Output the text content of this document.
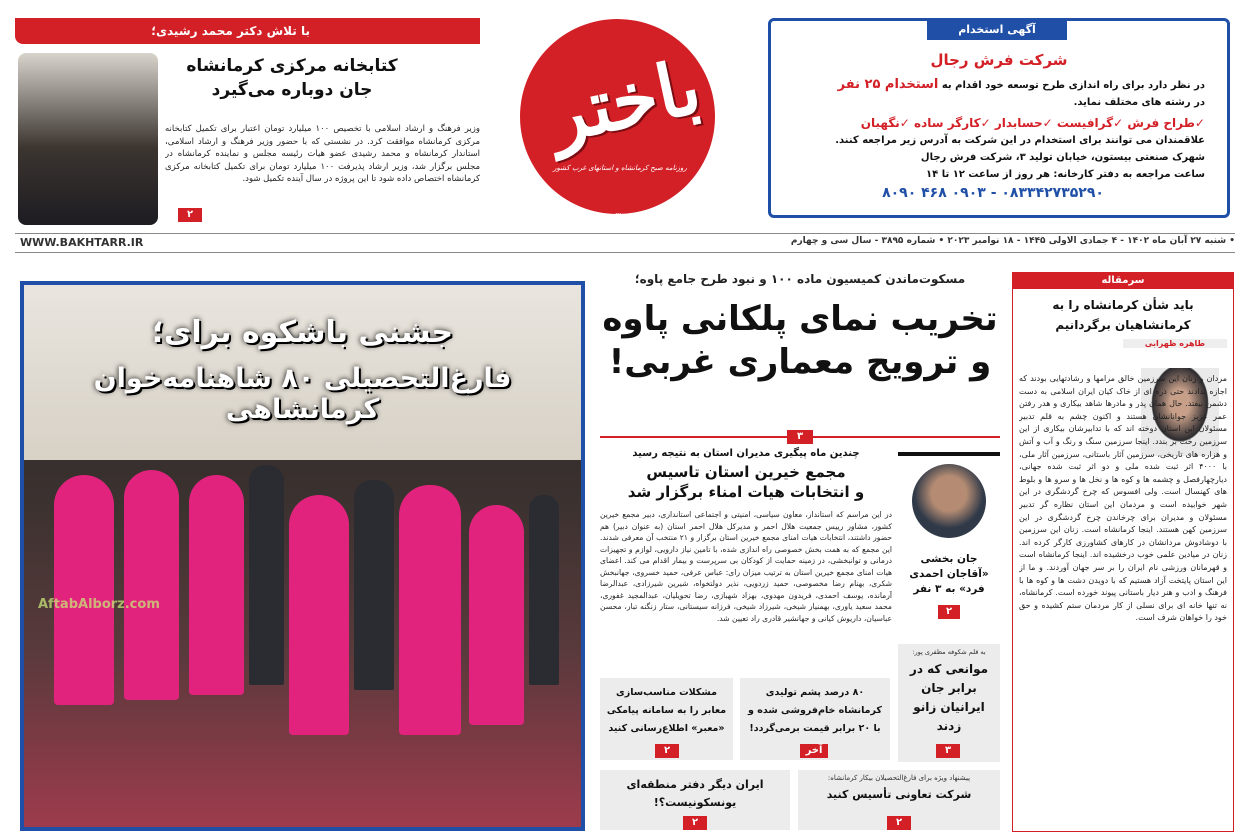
آگهی استخدام
شرکت فرش رجال
در نظر دارد برای راه اندازی طرح توسعه خود اقدام به استخدام ۲۵ نفر
در رشته های مختلف نماید.
✓طراح فرش ✓گرافیست ✓حسابدار ✓کارگر ساده ✓نگهبان
علاقمندان می توانند برای استخدام در این شرکت به آدرس زیر مراجعه کنند.
شهرک صنعتی بیستون، خیابان تولید ۳، شرکت فرش رجال
ساعت مراجعه به دفتر کارخانه: هر روز از ساعت ۱۲ تا ۱۴
۰۸۳۳۴۲۷۳۵۲۹۰ - ۰۹۰۳ ۴۶۸ ۸۰۹۰
باختر
روزنامه صبح کرمانشاه و استانهای غرب کشور
۴ صفحه - ۳۰۰۰ تومان
با تلاش دکتر محمد رشیدی؛
کتابخانه مرکزی کرمانشاه
جان دوباره می‌گیرد
وزیر فرهنگ و ارشاد اسلامی با تخصیص ۱۰۰ میلیارد تومان اعتبار برای تکمیل کتابخانه مرکزی کرمانشاه موافقت کرد. در نشستی که با حضور وزیر فرهنگ و ارشاد اسلامی، استاندار کرمانشاه و محمد رشیدی عضو هیات رئیسه مجلس و نماینده کرمانشاه در مجلس برگزار شد، وزیر ارشاد پذیرفت ۱۰۰ میلیارد تومان برای تکمیل کتابخانه مرکزی کرمانشاه اختصاص داده شود تا این پروژه در سال آینده تکمیل شود.
۲
• شنبه ۲۷ آبان ماه ۱۴۰۲ - ۴ جمادی الاولی ۱۴۴۵ - ۱۸ نوامبر ۲۰۲۳ • شماره ۳۸۹۵ - سال سی و چهارم
WWW.BAKHTARR.IR
سرمقاله
باید شأن کرمانشاه را به کرمانشاهیان برگردانیم
طاهره ظهرابی
مردان و زنان این سرزمین خالق مرامها و رشادتهایی بودند که اجازه ندادند حتی ذره ای از خاک کیان ایران اسلامی به دست دشمن بیفتد. حال همان پدر و مادرها شاهد بیکاری و هدر رفتن عمر عزیز جوانانشان هستند و اکنون چشم به قلم تدبیر مسئولان این استان دوخته اند که با تدابیرشان بیکاری از این سرزمین رخت بر بندد. اینجا سرزمین سنگ و رنگ و آب و آتش و هزاره های تاریخی، سرزمین آثار باستانی، سرزمین آثار ملی، با ۴۰۰۰ اثر ثبت شده ملی و دو اثر ثبت شده جهانی، دیارچهارفصل و چشمه ها و کوه ها و نخل ها و سرو ها و بلوط های کهنسال است. ولی افسوس که چرخ گردشگری در این شهر خوابیده است و مردمان این استان نظاره گر تدبیر مسئولان و مدیران برای چرخاندن چرخ گردشگری در این سرزمین کهن هستند. اینجا کرمانشاه است. زنان این سرزمین با دوشادوش مردانشان در کارهای کشاورزی کارگر کرده اند. زنان در میادین علمی خوب درخشیده اند. اینجا کرمانشاه است و قهرمانان ورزشی نام ایران را بر سر جهان آوردند. و ما از این استان پایتخت آزاد هستیم که با دویدن دشت ها و کوه ها با فرهنگ و ادب و هنر دیار باستانی پیوند خورده است. کرمانشاه، نه تنها خانه ای برای نسلی از کار مردمان ستم کشیده و حق خود را خواهان شرف است.
مسکوت‌ماندن کمیسیون ماده ۱۰۰ و نبود طرح جامع پاوه؛
تخریب نمای پلکانی پاوه
و ترویج معماری غربی!
۳
چندین ماه پیگیری مدیران استان به نتیجه رسید
مجمع خیرین استان تاسیس
و انتخابات هیات امناء برگزار شد
در این مراسم که استاندار، معاون سیاسی، امنیتی و اجتماعی استانداری، دبیر مجمع خیرین کشور، مشاور رییس جمعیت هلال احمر و مدیرکل هلال احمر استان (به عنوان دبیر) هم حضور داشتند، انتخابات هیات امنای مجمع خیرین استان برگزار و ۲۱ منتخب آن معرفی شدند. این مجمع که به همت بخش خصوصی راه اندازی شده، با تامین نیاز دارویی، لوازم و تجهیزات درمانی و توانبخشی، در زمینه حمایت از کودکان بی سرپرست و بیمار اقدام می کند. اعضای هیات امنای مجمع خیرین استان به ترتیب میزان رای: عباس عرفی، حمید خسروی، جهانبخش شکری، بهنام رضا مخصوصی، حمید زردویی، نذیر دولتخواه، شیرین شیرزادی، عبدالرضا آرمانده، یوسف احمدی، فریدون مهدوی، بهزاد شهبازی، رضا تحویلیان، عبدالمجید غفوری، محمد سعید یاوری، بهمنیار شیخی، شیرزاد شیخی، فرزانه سیستانی، ستار زنگنه تبار، محسن عباسیان، داریوش کیانی و جهانشیر قادری راد تعیین شد.
جان بخشی «آقاجان احمدی فرد» به ۳ نفر
۲
به قلم شکوفه مظفری پور:
موانعی که در برابر جان ایرانیان زانو زدند
۳
مشکلات مناسب‌سازی معابر را به سامانه پیامکی «معبر» اطلاع‌رسانی کنید
۲
۸۰ درصد پشم تولیدی کرمانشاه خام‌فروشی شده و با ۲۰ برابر قیمت برمی‌گردد!
آخر
ایران دیگر دفتر منطقه‌ای یونسکونیست؟!
۲
پیشنهاد ویژه برای فارغ‌التحصیلان بیکار کرمانشاه:
شرکت تعاونی تأسیس کنید
۲
جشنی باشکوه برای؛
فارغ‌التحصیلی ۸۰ شاهنامه‌خوان کرمانشاهی
AftabAlborz.com
